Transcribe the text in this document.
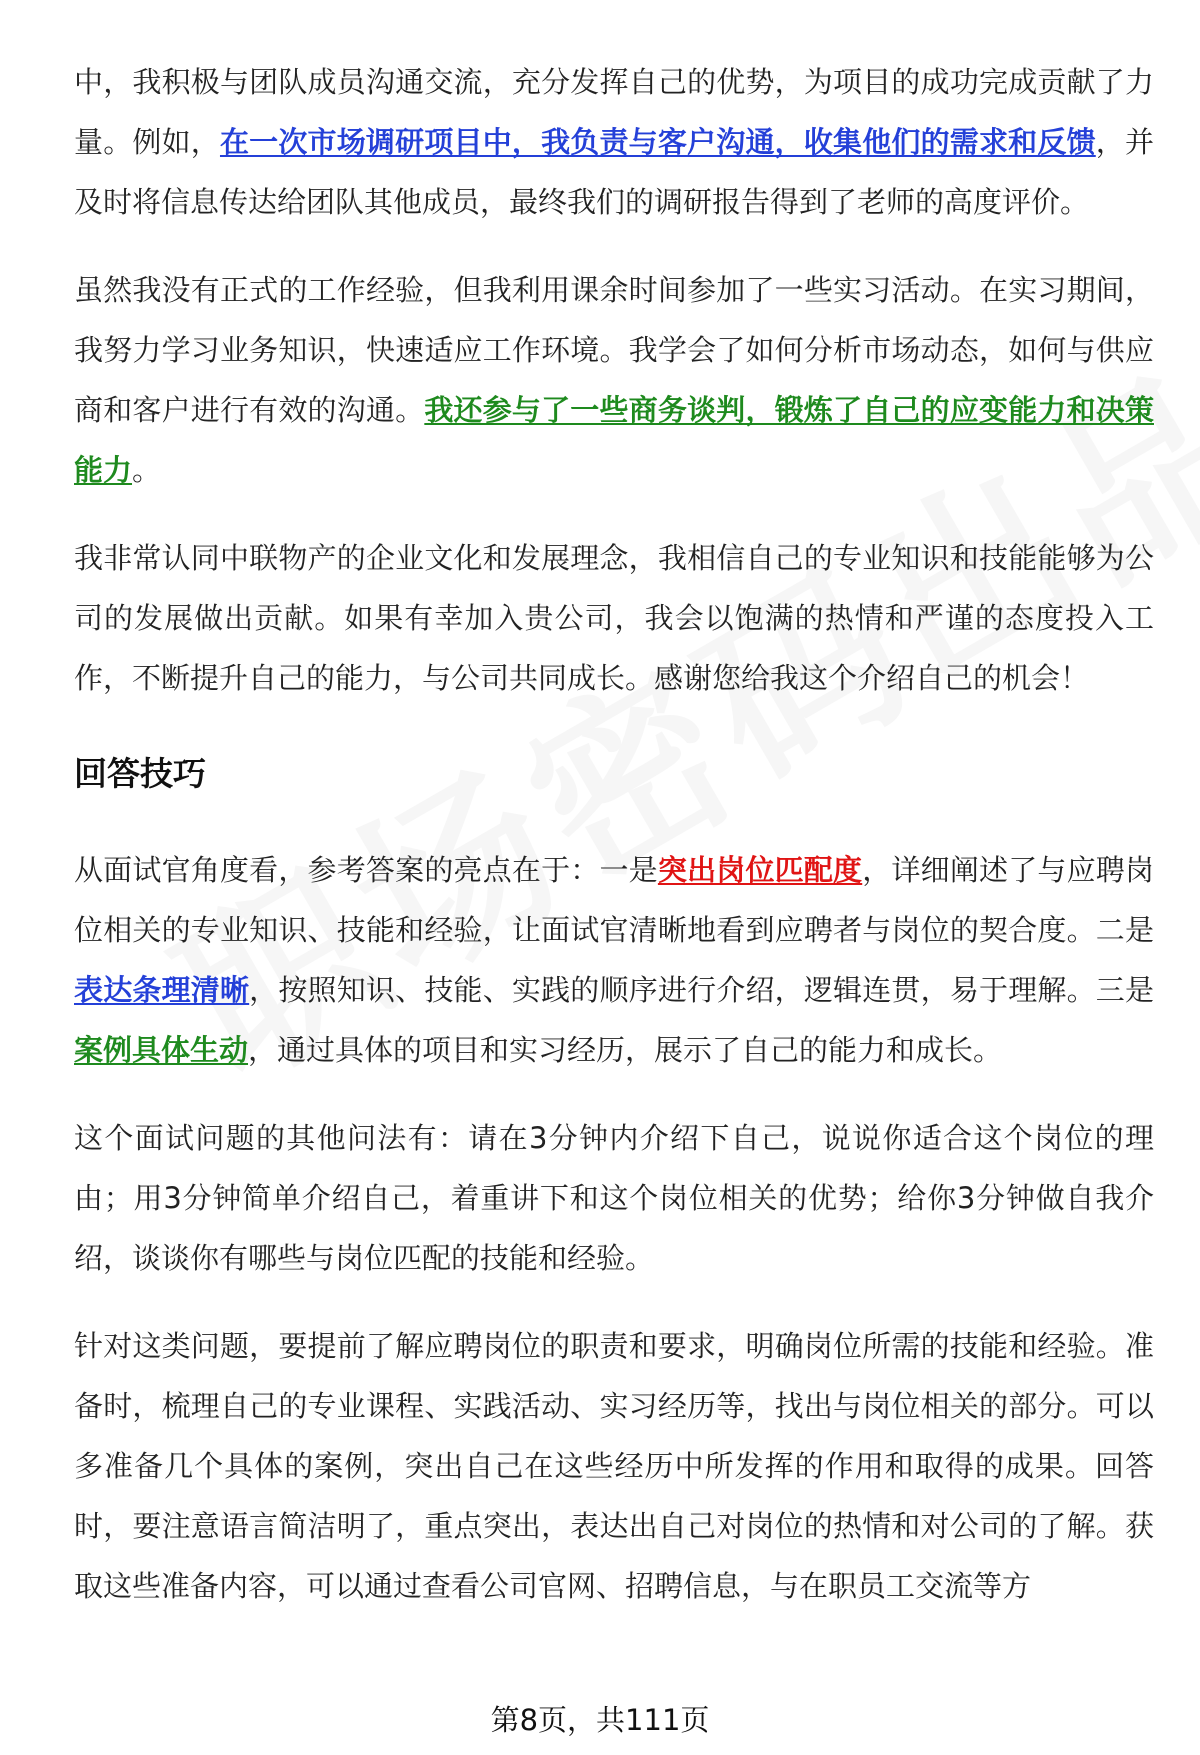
中，我积极与团队成员沟通交流，充分发挥自己的优势，为项目的成功完成贡献了力量。例如，在一次市场调研项目中，我负责与客户沟通，收集他们的需求和反馈，并及时将信息传达给团队其他成员，最终我们的调研报告得到了老师的高度评价。

虽然我没有正式的工作经验，但我利用课余时间参加了一些实习活动。在实习期间，我努力学习业务知识，快速适应工作环境。我学会了如何分析市场动态，如何与供应商和客户进行有效的沟通。我还参与了一些商务谈判，锻炼了自己的应变能力和决策能力。

我非常认同中联物产的企业文化和发展理念，我相信自己的专业知识和技能能够为公司的发展做出贡献。如果有幸加入贵公司，我会以饱满的热情和严谨的态度投入工作，不断提升自己的能力，与公司共同成长。感谢您给我这个介绍自己的机会！

回答技巧

从面试官角度看，参考答案的亮点在于：一是突出岗位匹配度，详细阐述了与应聘岗位相关的专业知识、技能和经验，让面试官清晰地看到应聘者与岗位的契合度。二是表达条理清晰，按照知识、技能、实践的顺序进行介绍，逻辑连贯，易于理解。三是案例具体生动，通过具体的项目和实习经历，展示了自己的能力和成长。

这个面试问题的其他问法有：请在3分钟内介绍下自己，说说你适合这个岗位的理由；用3分钟简单介绍自己，着重讲下和这个岗位相关的优势；给你3分钟做自我介绍，谈谈你有哪些与岗位匹配的技能和经验。

针对这类问题，要提前了解应聘岗位的职责和要求，明确岗位所需的技能和经验。准备时，梳理自己的专业课程、实践活动、实习经历等，找出与岗位相关的部分。可以多准备几个具体的案例，突出自己在这些经历中所发挥的作用和取得的成果。回答时，要注意语言简洁明了，重点突出，表达出自己对岗位的热情和对公司的了解。获取这些准备内容，可以通过查看公司官网、招聘信息，与在职员工交流等方

第8页，共111页
